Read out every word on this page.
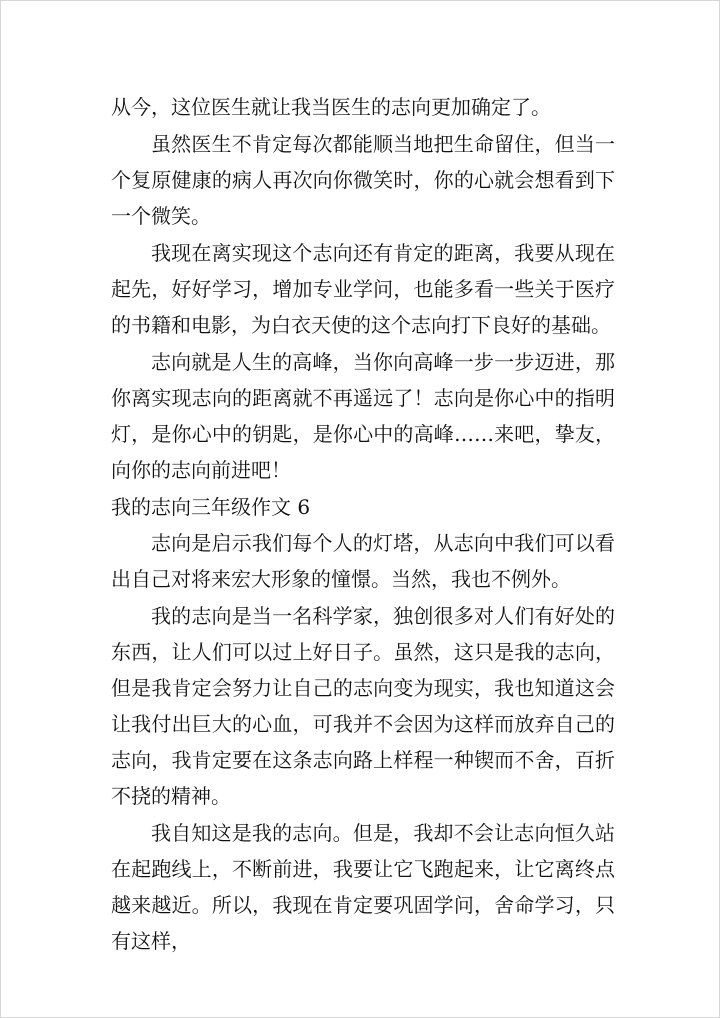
从今，这位医生就让我当医生的志向更加确定了。

虽然医生不肯定每次都能顺当地把生命留住，但当一个复原健康的病人再次向你微笑时，你的心就会想看到下一个微笑。

我现在离实现这个志向还有肯定的距离，我要从现在起先，好好学习，增加专业学问，也能多看一些关于医疗的书籍和电影，为白衣天使的这个志向打下良好的基础。

志向就是人生的高峰，当你向高峰一步一步迈进，那你离实现志向的距离就不再遥远了！志向是你心中的指明灯，是你心中的钥匙，是你心中的高峰……来吧，挚友，向你的志向前进吧！

我的志向三年级作文 6

志向是启示我们每个人的灯塔，从志向中我们可以看出自己对将来宏大形象的憧憬。当然，我也不例外。

我的志向是当一名科学家，独创很多对人们有好处的东西，让人们可以过上好日子。虽然，这只是我的志向，但是我肯定会努力让自己的志向变为现实，我也知道这会让我付出巨大的心血，可我并不会因为这样而放弃自己的志向，我肯定要在这条志向路上样程一种锲而不舍，百折不挠的精神。

我自知这是我的志向。但是，我却不会让志向恒久站在起跑线上，不断前进，我要让它飞跑起来，让它离终点越来越近。所以，我现在肯定要巩固学问，舍命学习，只有这样，
